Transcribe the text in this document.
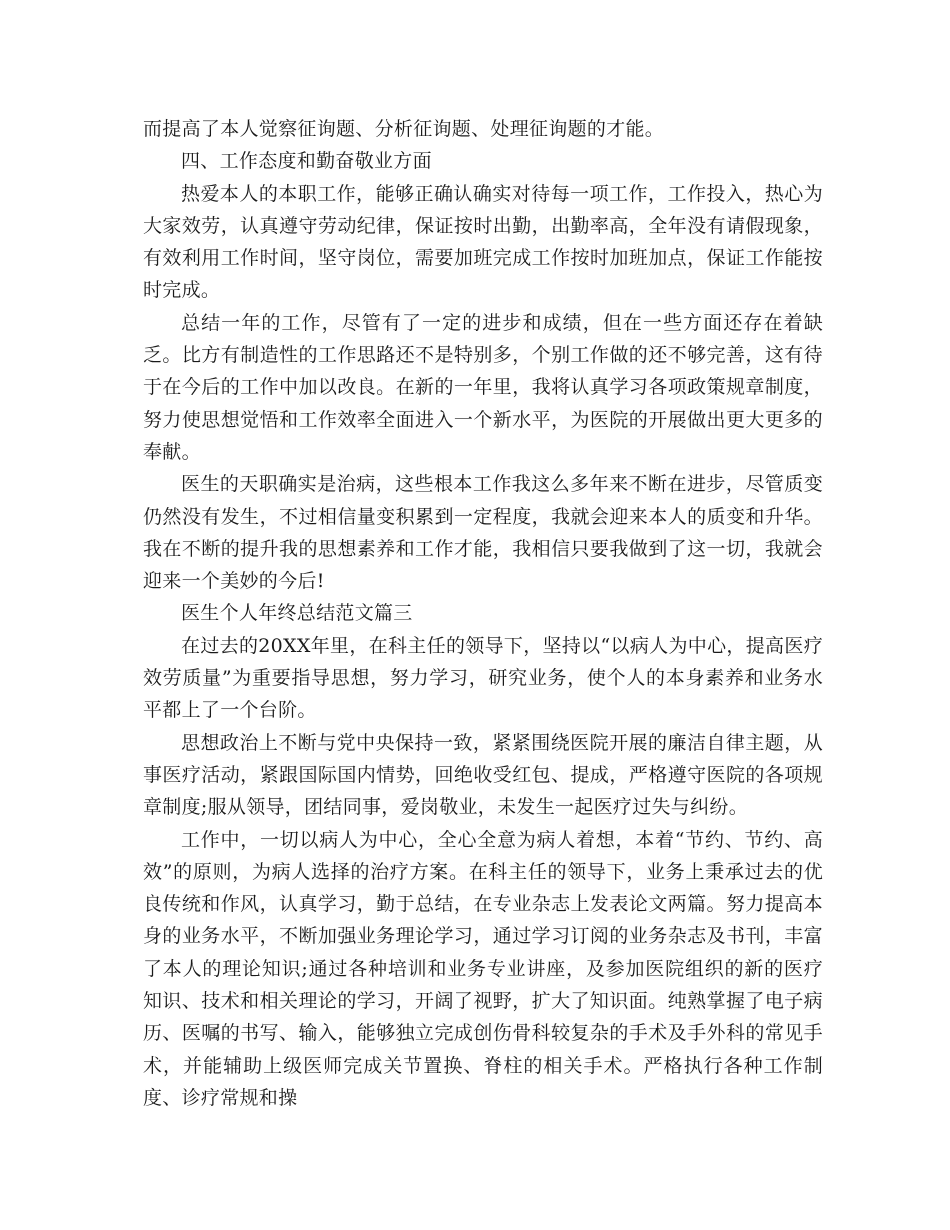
而提高了本人觉察征询题、分析征询题、处理征询题的才能。

四、工作态度和勤奋敬业方面

热爱本人的本职工作，能够正确认确实对待每一项工作，工作投入，热心为大家效劳，认真遵守劳动纪律，保证按时出勤，出勤率高，全年没有请假现象，有效利用工作时间，坚守岗位，需要加班完成工作按时加班加点，保证工作能按时完成。

总结一年的工作，尽管有了一定的进步和成绩，但在一些方面还存在着缺乏。比方有制造性的工作思路还不是特别多，个别工作做的还不够完善，这有待于在今后的工作中加以改良。在新的一年里，我将认真学习各项政策规章制度，努力使思想觉悟和工作效率全面进入一个新水平，为医院的开展做出更大更多的奉献。

医生的天职确实是治病，这些根本工作我这么多年来不断在进步，尽管质变仍然没有发生，不过相信量变积累到一定程度，我就会迎来本人的质变和升华。我在不断的提升我的思想素养和工作才能，我相信只要我做到了这一切，我就会迎来一个美妙的今后!

医生个人年终总结范文篇三

在过去的20XX年里，在科主任的领导下，坚持以“以病人为中心，提高医疗效劳质量”为重要指导思想，努力学习，研究业务，使个人的本身素养和业务水平都上了一个台阶。

思想政治上不断与党中央保持一致，紧紧围绕医院开展的廉洁自律主题，从事医疗活动，紧跟国际国内情势，回绝收受红包、提成，严格遵守医院的各项规章制度;服从领导，团结同事，爱岗敬业，未发生一起医疗过失与纠纷。

工作中，一切以病人为中心，全心全意为病人着想，本着“节约、节约、高效”的原则，为病人选择的治疗方案。在科主任的领导下，业务上秉承过去的优良传统和作风，认真学习，勤于总结，在专业杂志上发表论文两篇。努力提高本身的业务水平，不断加强业务理论学习，通过学习订阅的业务杂志及书刊，丰富了本人的理论知识;通过各种培训和业务专业讲座，及参加医院组织的新的医疗知识、技术和相关理论的学习，开阔了视野，扩大了知识面。纯熟掌握了电子病历、医嘱的书写、输入，能够独立完成创伤骨科较复杂的手术及手外科的常见手术，并能辅助上级医师完成关节置换、脊柱的相关手术。严格执行各种工作制度、诊疗常规和操
